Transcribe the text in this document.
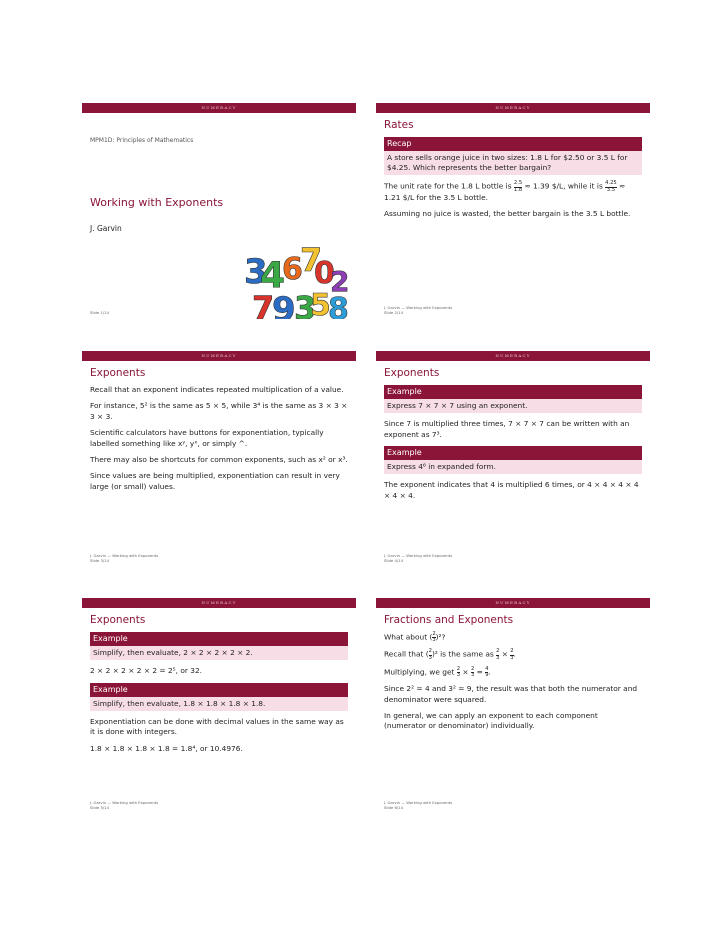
NUMERACY
MPM1D: Principles of Mathematics
Working with Exponents
J. Garvin
3
4
6
7
0
2
7
9
3
5
8

Slide 1/14
NUMERACY
Rates
Recap
A store sells orange juice in two sizes: 1.8 L for $2.50 or 3.5 L for $4.25. Which represents the better bargain?

The unit rate for the 1.8 L bottle is $\frac{2.5}{1.8} \approx 1.39$ $/L, while it is $\frac{4.25}{3.5} \approx 1.21$ $/L for the 3.5 L bottle.

Assuming no juice is wasted, the better bargain is the 3.5 L bottle.

J. Garvin — Working with Exponents
Slide 2/14
NUMERACY
Exponents

Recall that an exponent indicates repeated multiplication of a value.

For instance, 5² is the same as 5 × 5, while 3⁴ is the same as 3 × 3 × 3 × 3.

Scientific calculators have buttons for exponentiation, typically labelled something like xʸ, yˣ, or simply ^.

There may also be shortcuts for common exponents, such as x² or x³.

Since values are being multiplied, exponentiation can result in very large (or small) values.

J. Garvin — Working with Exponents
Slide 3/14
NUMERACY
Exponents
Example
Express 7 × 7 × 7 using an exponent.

Since 7 is multiplied three times, 7 × 7 × 7 can be written with an exponent as 7³.

Example
Express 4⁶ in expanded form.

The exponent indicates that 4 is multiplied 6 times, or 4 × 4 × 4 × 4 × 4 × 4.

J. Garvin — Working with Exponents
Slide 4/14
NUMERACY
Exponents
Example
Simplify, then evaluate, 2 × 2 × 2 × 2 × 2.

2 × 2 × 2 × 2 × 2 = 2⁵, or 32.

Example
Simplify, then evaluate, 1.8 × 1.8 × 1.8 × 1.8.

Exponentiation can be done with decimal values in the same way as it is done with integers.

1.8 × 1.8 × 1.8 × 1.8 = 1.8⁴, or 10.4976.

J. Garvin — Working with Exponents
Slide 5/14
NUMERACY
Fractions and Exponents

What about ( $\frac{2}{3} )^2$?

Recall that ( $\frac{2}{3} )^2$ is the same as $\frac{2}{3} \times \frac{2}{3}$ .

Multiplying, we get $\frac{2}{3} \times \frac{2}{3} = \frac{4}{9}$ .

Since 2² = 4 and 3² = 9, the result was that both the numerator and denominator were squared.

In general, we can apply an exponent to each component (numerator or denominator) individually.

J. Garvin — Working with Exponents
Slide 6/14
